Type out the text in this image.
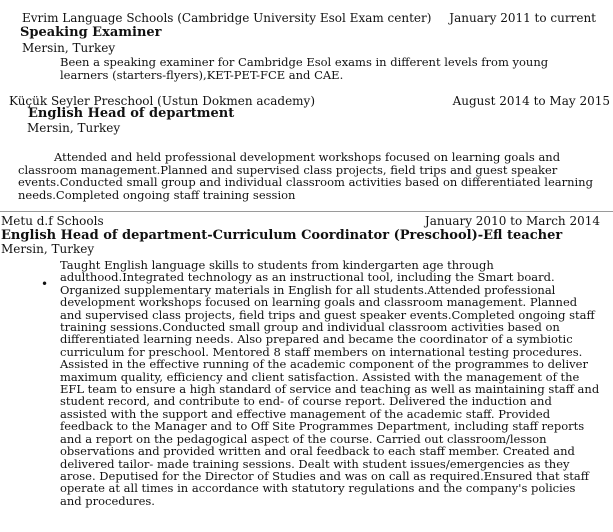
Evrim Language Schools (Cambridge University Esol Exam center)	January 2011 to current
Speaking Examiner
Mersin, Turkey
Been a speaking examiner for Cambridge Esol exams in different levels from young learners (starters-flyers),KET-PET-FCE and CAE.
Küçük Seyler Preschool (Ustun Dokmen academy)	August 2014 to May 2015
English Head of department
Mersin, Turkey
Attended and held professional development workshops focused on learning goals and classroom management.Planned and supervised class projects, field trips and guest speaker events.Conducted small group and individual classroom activities based on differentiated learning needs.Completed ongoing staff training session
Metu d.f Schools	January 2010 to March 2014
English Head of department-Curriculum Coordinator (Preschool)-Efl teacher
Mersin, Turkey
•
Taught English language skills to students from kindergarten age through adulthood.Integrated technology as an instructional tool, including the Smart board. Organized supplementary materials in English for all students.Attended professional development workshops focused on learning goals and classroom management. Planned and supervised class projects, field trips and guest speaker events.Completed ongoing staff training sessions.Conducted small group and individual classroom activities based on differentiated learning needs. Also prepared and became the coordinator of a symbiotic curriculum for preschool. Mentored 8 staff members on international testing procedures. Assisted in the effective running of the academic component of the programmes to deliver maximum quality, efficiency and client satisfaction. Assisted with the management of the EFL team to ensure a high standard of service and teaching as well as maintaining staff and student record, and contribute to end- of course report. Delivered the induction and assisted with the support and effective management of the academic staff. Provided feedback to the Manager and to Off Site Programmes Department, including staff reports and a report on the pedagogical aspect of the course. Carried out classroom/lesson observations and provided written and oral feedback to each staff member. Created and delivered tailor- made training sessions. Dealt with student issues/emergencies as they arose. Deputised for the Director of Studies and was on call as required.Ensured that staff operate at all times in accordance with statutory regulations and the company's policies and procedures.
